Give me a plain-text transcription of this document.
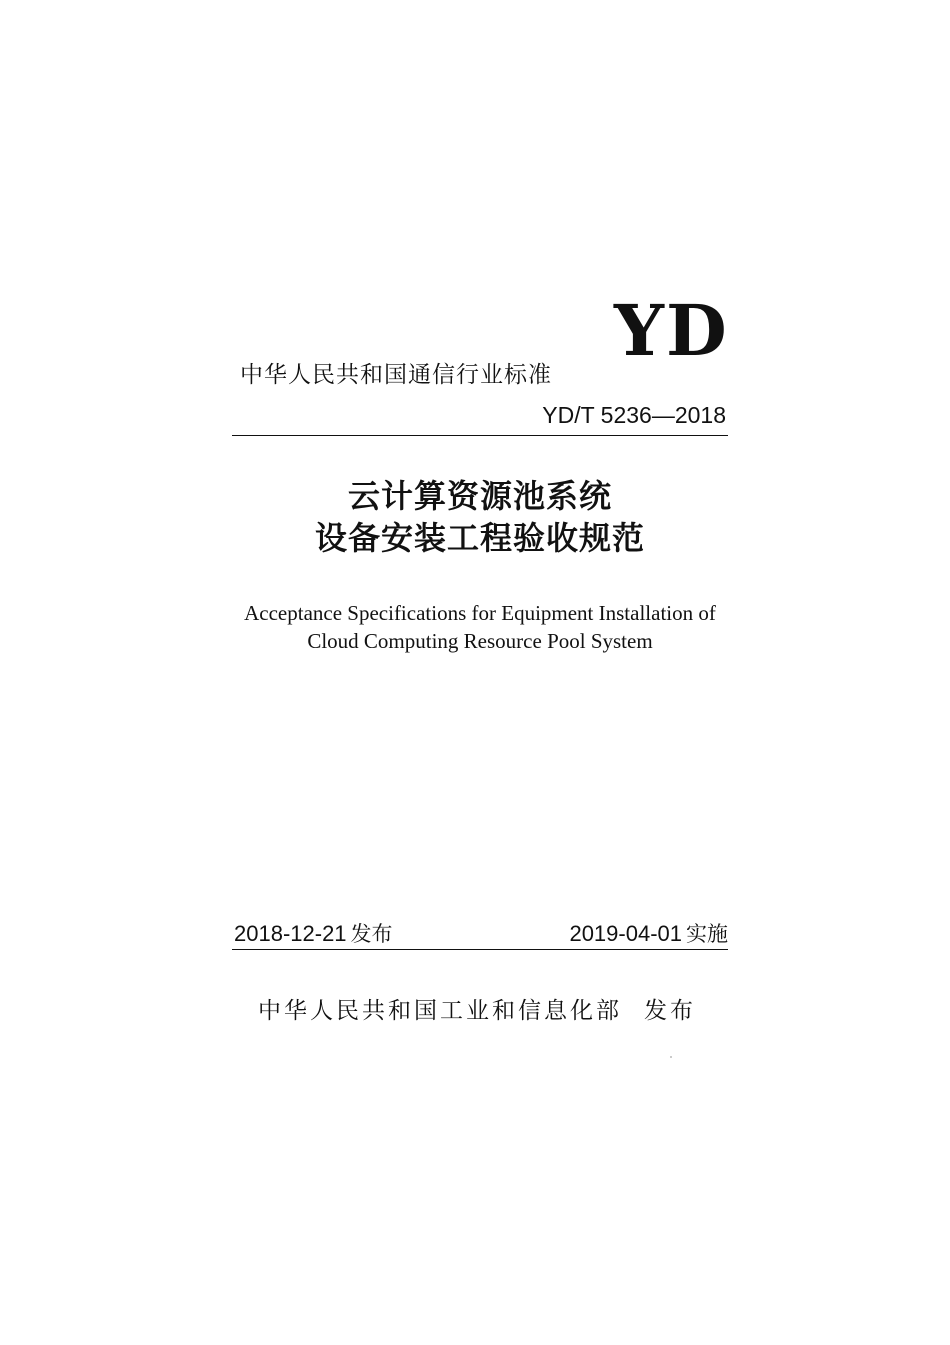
中华人民共和国通信行业标准
YD
YD/T 5236—2018
云计算资源池系统
设备安装工程验收规范
Acceptance Specifications for Equipment Installation of
Cloud Computing Resource Pool System
2018-12-21 发布	2019-04-01 实施
中华人民共和国工业和信息化部 发布
